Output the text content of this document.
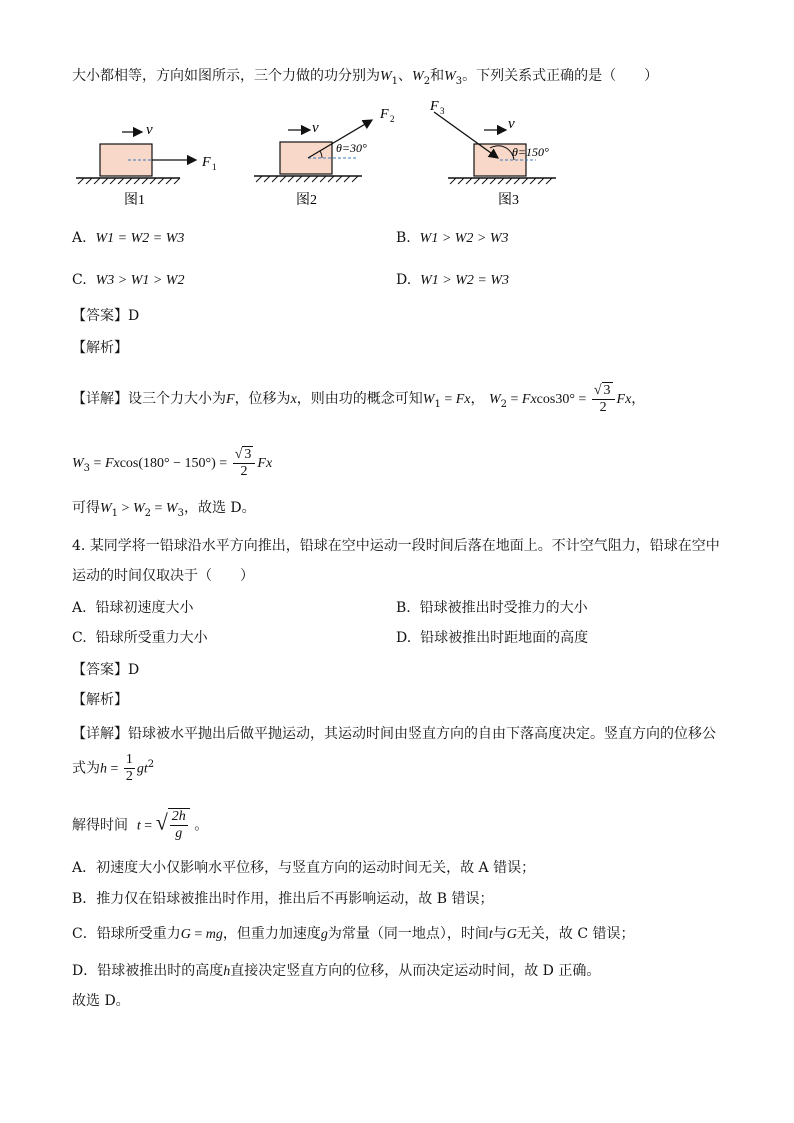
大小都相等，方向如图所示，三个力做的功分别为$W_1$、$W_2$和$W_3$。下列关系式正确的是（　　）
F 1
v
图1
F 2
θ=30°
v
图2
F 3
θ=150°
v
图3
A. W1 = W2 = W3	B. W1 > W2 > W3
C. W3 > W1 > W2	D. W1 > W2 = W3
【答案】D
【解析】
【详解】设三个力大小为F，位移为x，则由功的概念可知$W_1 = Fx$， $W_2 = Fxcos30^\circ = \frac{√ 3}{2}$ Fx，
$W_3 = Fxcos(180^\circ - 150^\circ) = \frac{√ 3}{2}$ Fx
可得$W_1 > W_2 = W_3$，故选 D。
4. 某同学将一铅球沿水平方向推出，铅球在空中运动一段时间后落在地面上。不计空气阻力，铅球在空中
运动的时间仅取决于（　　）
A. 铅球初速度大小	B. 铅球被推出时受推力的大小
C. 铅球所受重力大小	D. 铅球被推出时距地面的高度
【答案】D
【解析】
【详解】铅球被水平抛出后做平抛运动，其运动时间由竖直方向的自由下落高度决定。竖直方向的位移公
式为$h = \frac{1}{2} gt^2$
解得时间 t = √ $\frac{2h}{g}$ 。
A．初速度大小仅影响水平位移，与竖直方向的运动时间无关，故 A 错误；
B．推力仅在铅球被推出时作用，推出后不再影响运动，故 B 错误；
C．铅球所受重力G = mg，但重力加速度g为常量（同一地点），时间t与G无关，故 C 错误；
D．铅球被推出时的高度h直接决定竖直方向的位移，从而决定运动时间，故 D 正确。
故选 D。
